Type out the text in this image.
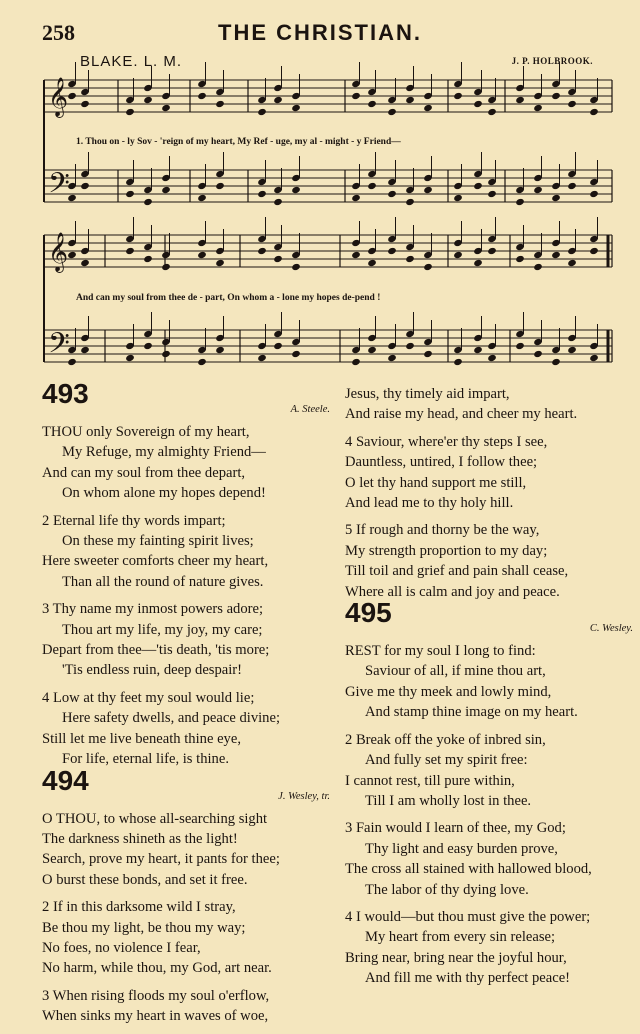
258	THE CHRISTIAN.
BLAKE. L. M.	J. P. HOLBROOK.
𝄞
𝄢
𝄞
𝄢
1. Thou on - ly Sov - 'reign of my heart, My Ref - uge, my al - might - y Friend—
And can my soul from thee de - part, On whom a - lone my hopes de-pend !
493
A. Steele.
THOU only Sovereign of my heart,
My Refuge, my almighty Friend—
And can my soul from thee depart,
On whom alone my hopes depend!
2 Eternal life thy words impart;
On these my fainting spirit lives;
Here sweeter comforts cheer my heart,
Than all the round of nature gives.
3 Thy name my inmost powers adore;
Thou art my life, my joy, my care;
Depart from thee—'tis death, 'tis more;
'Tis endless ruin, deep despair!
4 Low at thy feet my soul would lie;
Here safety dwells, and peace divine;
Still let me live beneath thine eye,
For life, eternal life, is thine.
494
J. Wesley, tr.
O THOU, to whose all-searching sight
The darkness shineth as the light!
Search, prove my heart, it pants for thee;
O burst these bonds, and set it free.
2 If in this darksome wild I stray,
Be thou my light, be thou my way;
No foes, no violence I fear,
No harm, while thou, my God, art near.
3 When rising floods my soul o'erflow,
When sinks my heart in waves of woe,
Jesus, thy timely aid impart,
And raise my head, and cheer my heart.
4 Saviour, where'er thy steps I see,
Dauntless, untired, I follow thee;
O let thy hand support me still,
And lead me to thy holy hill.
5 If rough and thorny be the way,
My strength proportion to my day;
Till toil and grief and pain shall cease,
Where all is calm and joy and peace.
495
C. Wesley.
REST for my soul I long to find:
Saviour of all, if mine thou art,
Give me thy meek and lowly mind,
And stamp thine image on my heart.
2 Break off the yoke of inbred sin,
And fully set my spirit free:
I cannot rest, till pure within,
Till I am wholly lost in thee.
3 Fain would I learn of thee, my God;
Thy light and easy burden prove,
The cross all stained with hallowed blood,
The labor of thy dying love.
4 I would—but thou must give the power;
My heart from every sin release;
Bring near, bring near the joyful hour,
And fill me with thy perfect peace!
